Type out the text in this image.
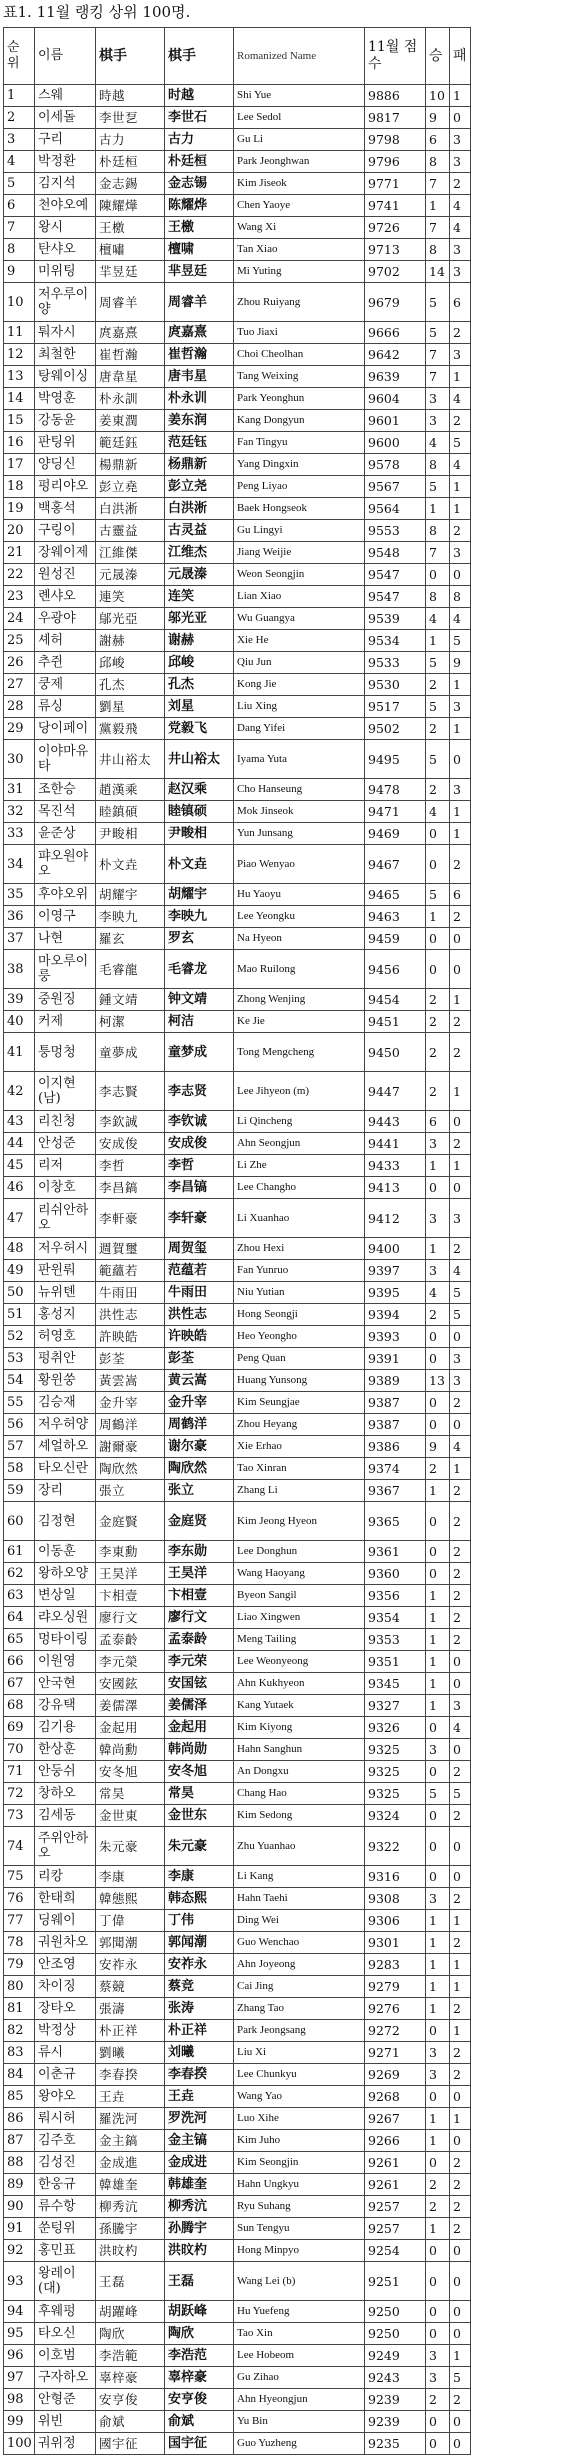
표1. 11월 랭킹 상위 100명.
순위	이름	棋手	棋手	Romanized Name	11월 점수	승	패	
1	스웨	時越	时越	Shi Yue	9886	10	1	
2	이세돌	李世乭	李世石	Lee Sedol	9817	9	0	
3	구리	古力	古力	Gu Li	9798	6	3	
4	박정환	朴廷桓	朴廷桓	Park Jeonghwan	9796	8	3	
5	김지석	金志錫	金志锡	Kim Jiseok	9771	7	2	
6	천야오예	陳耀燁	陈耀烨	Chen Yaoye	9741	1	4	
7	왕시	王檄	王檄	Wang Xi	9726	7	4	
8	탄샤오	檀嘯	檀啸	Tan Xiao	9713	8	3	
9	미위팅	羋昱廷	芈昱廷	Mi Yuting	9702	14	3	
10	저우루이양	周睿羊	周睿羊	Zhou Ruiyang	9679	5	6	
11	퉈자시	庹嘉熹	庹嘉熹	Tuo Jiaxi	9666	5	2	
12	최철한	崔哲瀚	崔哲瀚	Choi Cheolhan	9642	7	3	
13	탕웨이싱	唐韋星	唐韦星	Tang Weixing	9639	7	1	
14	박영훈	朴永訓	朴永训	Park Yeonghun	9604	3	4	
15	강동윤	姜東潤	姜东润	Kang Dongyun	9601	3	2	
16	판팅위	範廷鈺	范廷钰	Fan Tingyu	9600	4	5	
17	양딩신	楊鼎新	杨鼎新	Yang Dingxin	9578	8	4	
18	펑리야오	彭立堯	彭立尧	Peng Liyao	9567	5	1	
19	백홍석	白洪淅	白洪淅	Baek Hongseok	9564	1	1	
20	구링이	古靈益	古灵益	Gu Lingyi	9553	8	2	
21	장웨이제	江維傑	江维杰	Jiang Weijie	9548	7	3	
22	원성진	元晟溱	元晟溱	Weon Seongjin	9547	0	0	
23	롄샤오	連笑	连笑	Lian Xiao	9547	8	8	
24	우광야	鄔光亞	邬光亚	Wu Guangya	9539	4	4	
25	셰허	謝赫	谢赫	Xie He	9534	1	5	
26	추쥔	邱峻	邱峻	Qiu Jun	9533	5	9	
27	쿵제	孔杰	孔杰	Kong Jie	9530	2	1	
28	류싱	劉星	刘星	Liu Xing	9517	5	3	
29	당이페이	黨毅飛	党毅飞	Dang Yifei	9502	2	1	
30	이야마유타	井山裕太	井山裕太	Iyama Yuta	9495	5	0	
31	조한승	趙漢乘	赵汉乘	Cho Hanseung	9478	2	3	
32	목진석	睦鎮碩	睦镇硕	Mok Jinseok	9471	4	1	
33	윤준상	尹畯相	尹畯相	Yun Junsang	9469	0	1	
34	퍄오원야오	朴文垚	朴文垚	Piao Wenyao	9467	0	2	
35	후야오위	胡耀宇	胡耀宇	Hu Yaoyu	9465	5	6	
36	이영구	李映九	李映九	Lee Yeongku	9463	1	2	
37	나현	羅玄	罗玄	Na Hyeon	9459	0	0	
38	마오루이룽	毛睿龍	毛睿龙	Mao Ruilong	9456	0	0	
39	중원징	鍾文靖	钟文靖	Zhong Wenjing	9454	2	1	
40	커제	柯潔	柯洁	Ke Jie	9451	2	2	
41	퉁멍청	童夢成	童梦成	Tong Mengcheng	9450	2	2	
42	이지현 (남)	李志賢	李志贤	Lee Jihyeon (m)	9447	2	1	
43	리친청	李欽誠	李钦诚	Li Qincheng	9443	6	0	
44	안성준	安成俊	安成俊	Ahn Seongjun	9441	3	2	
45	리저	李哲	李哲	Li Zhe	9433	1	1	
46	이창호	李昌鎬	李昌镐	Lee Changho	9413	0	0	
47	리쉬안하오	李軒豪	李轩豪	Li Xuanhao	9412	3	3	
48	저우허시	週賀璽	周贺玺	Zhou Hexi	9400	1	2	
49	판윈뤄	範蘊若	范蕴若	Fan Yunruo	9397	3	4	
50	뉴위톈	牛雨田	牛雨田	Niu Yutian	9395	4	5	
51	홍성지	洪性志	洪性志	Hong Seongji	9394	2	5	
52	허영호	許映皓	许映皓	Heo Yeongho	9393	0	0	
53	펑취안	彭荃	彭荃	Peng Quan	9391	0	3	
54	황윈쑹	黃雲嵩	黄云嵩	Huang Yunsong	9389	13	3	
55	김승재	金升宰	金升宰	Kim Seungjae	9387	0	2	
56	저우허양	周鶴洋	周鹤洋	Zhou Heyang	9387	0	0	
57	셰얼하오	謝爾豪	谢尔豪	Xie Erhao	9386	9	4	
58	타오신란	陶欣然	陶欣然	Tao Xinran	9374	2	1	
59	장리	張立	张立	Zhang Li	9367	1	2	
60	김정현	金庭賢	金庭贤	Kim Jeong Hyeon	9365	0	2	
61	이동훈	李東勳	李东勋	Lee Donghun	9361	0	2	
62	왕하오양	王昊洋	王昊洋	Wang Haoyang	9360	0	2	
63	변상일	卞相壹	卞相壹	Byeon Sangil	9356	1	2	
64	랴오싱원	廖行文	廖行文	Liao Xingwen	9354	1	2	
65	멍타이링	孟泰齡	孟泰龄	Meng Tailing	9353	1	2	
66	이원영	李元榮	李元荣	Lee Weonyeong	9351	1	0	
67	안국현	安國鉉	安国铉	Ahn Kukhyeon	9345	1	0	
68	강유택	姜儒澤	姜儒泽	Kang Yutaek	9327	1	3	
69	김기용	金起用	金起用	Kim Kiyong	9326	0	4	
70	한상훈	韓尚勳	韩尚勋	Hahn Sanghun	9325	3	0	
71	안둥쉬	安冬旭	安冬旭	An Dongxu	9325	0	2	
72	창하오	常昊	常昊	Chang Hao	9325	5	5	
73	김세동	金世東	金世东	Kim Sedong	9324	0	2	
74	주위안하오	朱元豪	朱元豪	Zhu Yuanhao	9322	0	0	
75	리캉	李康	李康	Li Kang	9316	0	0	
76	한태희	韓態熙	韩态熙	Hahn Taehi	9308	3	2	
77	딩웨이	丁偉	丁伟	Ding Wei	9306	1	1	
78	궈원차오	郭聞潮	郭闻潮	Guo Wenchao	9301	1	2	
79	안조영	安祚永	安祚永	Ahn Joyeong	9283	1	1	
80	차이징	蔡競	蔡竞	Cai Jing	9279	1	1	
81	장타오	張濤	张涛	Zhang Tao	9276	1	2	
82	박정상	朴正祥	朴正祥	Park Jeongsang	9272	0	1	
83	류시	劉曦	刘曦	Liu Xi	9271	3	2	
84	이춘규	李春揆	李春揆	Lee Chunkyu	9269	3	2	
85	왕야오	王垚	王垚	Wang Yao	9268	0	0	
86	뤄시허	羅洗河	罗洗河	Luo Xihe	9267	1	1	
87	김주호	金主鎬	金主镐	Kim Juho	9266	1	0	
88	김성진	金成進	金成进	Kim Seongjin	9261	0	2	
89	한웅규	韓雄奎	韩雄奎	Hahn Ungkyu	9261	2	2	
90	류수항	柳秀沆	柳秀沆	Ryu Suhang	9257	2	2	
91	쑨텅위	孫騰宇	孙腾宇	Sun Tengyu	9257	1	2	
92	홍민표	洪旼杓	洪旼杓	Hong Minpyo	9254	0	0	
93	왕레이 (대)	王磊	王磊	Wang Lei (b)	9251	0	0	
94	후웨펑	胡躍峰	胡跃峰	Hu Yuefeng	9250	0	0	
95	타오신	陶欣	陶欣	Tao Xin	9250	0	0	
96	이호범	李浩範	李浩范	Lee Hobeom	9249	3	1	
97	구자하오	辜梓豪	辜梓豪	Gu Zihao	9243	3	5	
98	안형준	安亨俊	安亨俊	Ahn Hyeongjun	9239	2	2	
99	위빈	俞斌	俞斌	Yu Bin	9239	0	0	
100	궈위정	國宇征	国宇征	Guo Yuzheng	9235	0	0	
